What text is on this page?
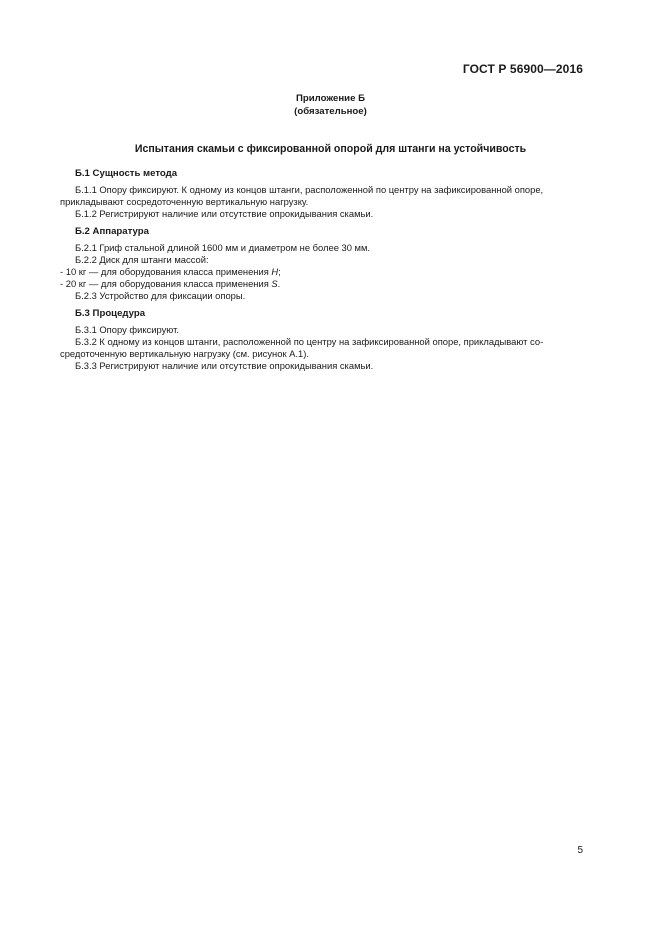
ГОСТ Р 56900—2016
Приложение Б
(обязательное)
Испытания скамьи с фиксированной опорой для штанги на устойчивость
Б.1 Сущность метода

Б.1.1 Опору фиксируют. К одному из концов штанги, расположенной по центру на зафиксированной опоре,
прикладывают сосредоточенную вертикальную нагрузку.

Б.1.2 Регистрируют наличие или отсутствие опрокидывания скамьи.

Б.2 Аппаратура

Б.2.1 Гриф стальной длиной 1600 мм и диаметром не более 30 мм.

Б.2.2 Диск для штанги массой:

- 10 кг — для оборудования класса применения H;

- 20 кг — для оборудования класса применения S.

Б.2.3 Устройство для фиксации опоры.

Б.3 Процедура

Б.3.1 Опору фиксируют.

Б.3.2 К одному из концов штанги, расположенной по центру на зафиксированной опоре, прикладывают со-
средоточенную вертикальную нагрузку (см. рисунок А.1).

Б.3.3 Регистрируют наличие или отсутствие опрокидывания скамьи.

5
